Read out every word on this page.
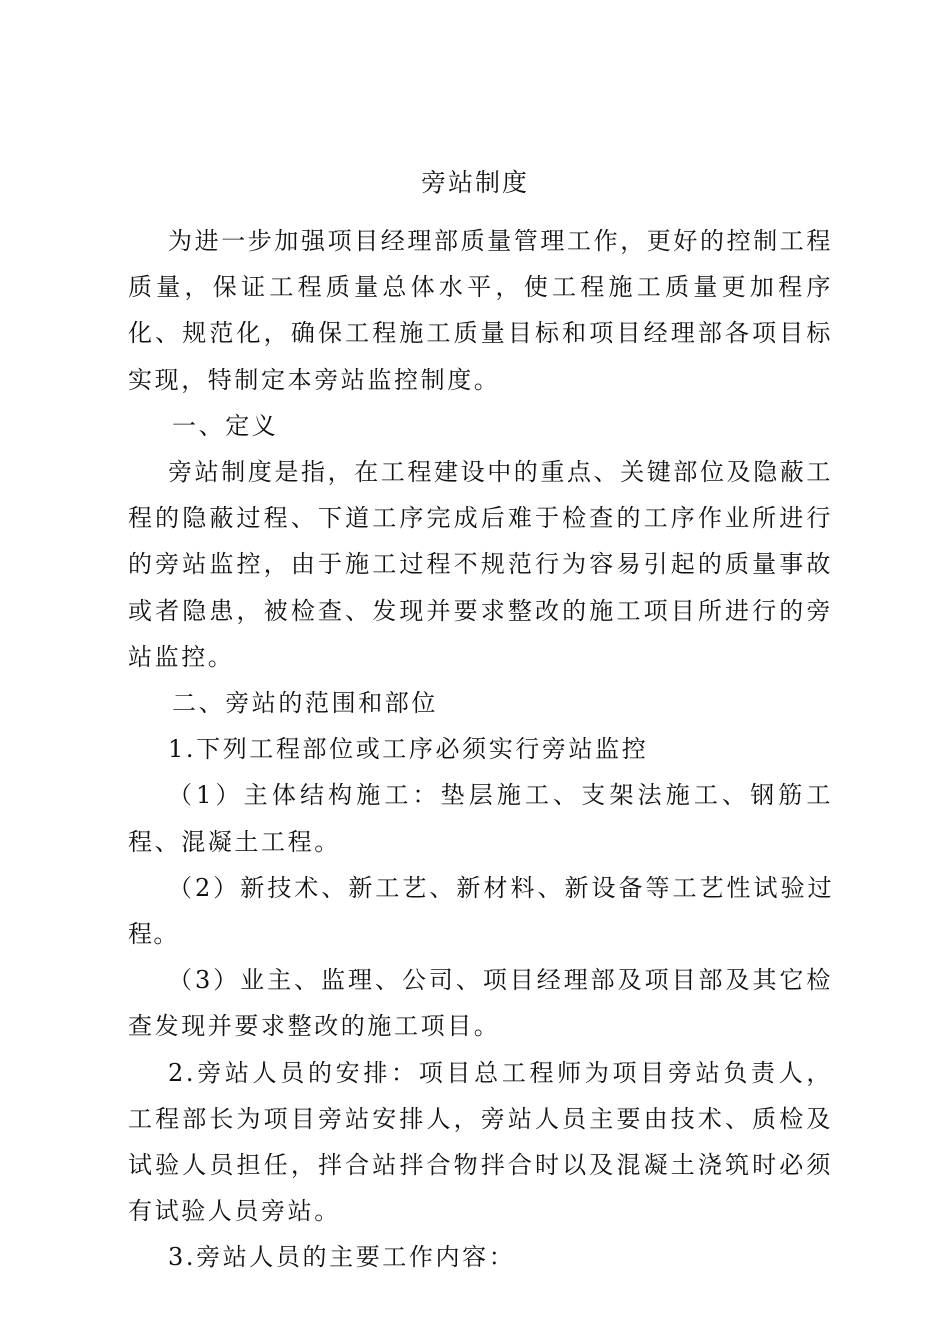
旁站制度

为进一步加强项目经理部质量管理工作，更好的控制工程质量，保证工程质量总体水平，使工程施工质量更加程序化、规范化，确保工程施工质量目标和项目经理部各项目标实现，特制定本旁站监控制度。

一、定义

旁站制度是指，在工程建设中的重点、关键部位及隐蔽工程的隐蔽过程、下道工序完成后难于检查的工序作业所进行的旁站监控，由于施工过程不规范行为容易引起的质量事故或者隐患，被检查、发现并要求整改的施工项目所进行的旁站监控。

二、旁站的范围和部位

1.下列工程部位或工序必须实行旁站监控

（1）主体结构施工：垫层施工、支架法施工、钢筋工程、混凝土工程。

（2）新技术、新工艺、新材料、新设备等工艺性试验过程。

（3）业主、监理、公司、项目经理部及项目部及其它检查发现并要求整改的施工项目。

2.旁站人员的安排：项目总工程师为项目旁站负责人，工程部长为项目旁站安排人，旁站人员主要由技术、质检及试验人员担任，拌合站拌合物拌合时以及混凝土浇筑时必须有试验人员旁站。

3.旁站人员的主要工作内容：
